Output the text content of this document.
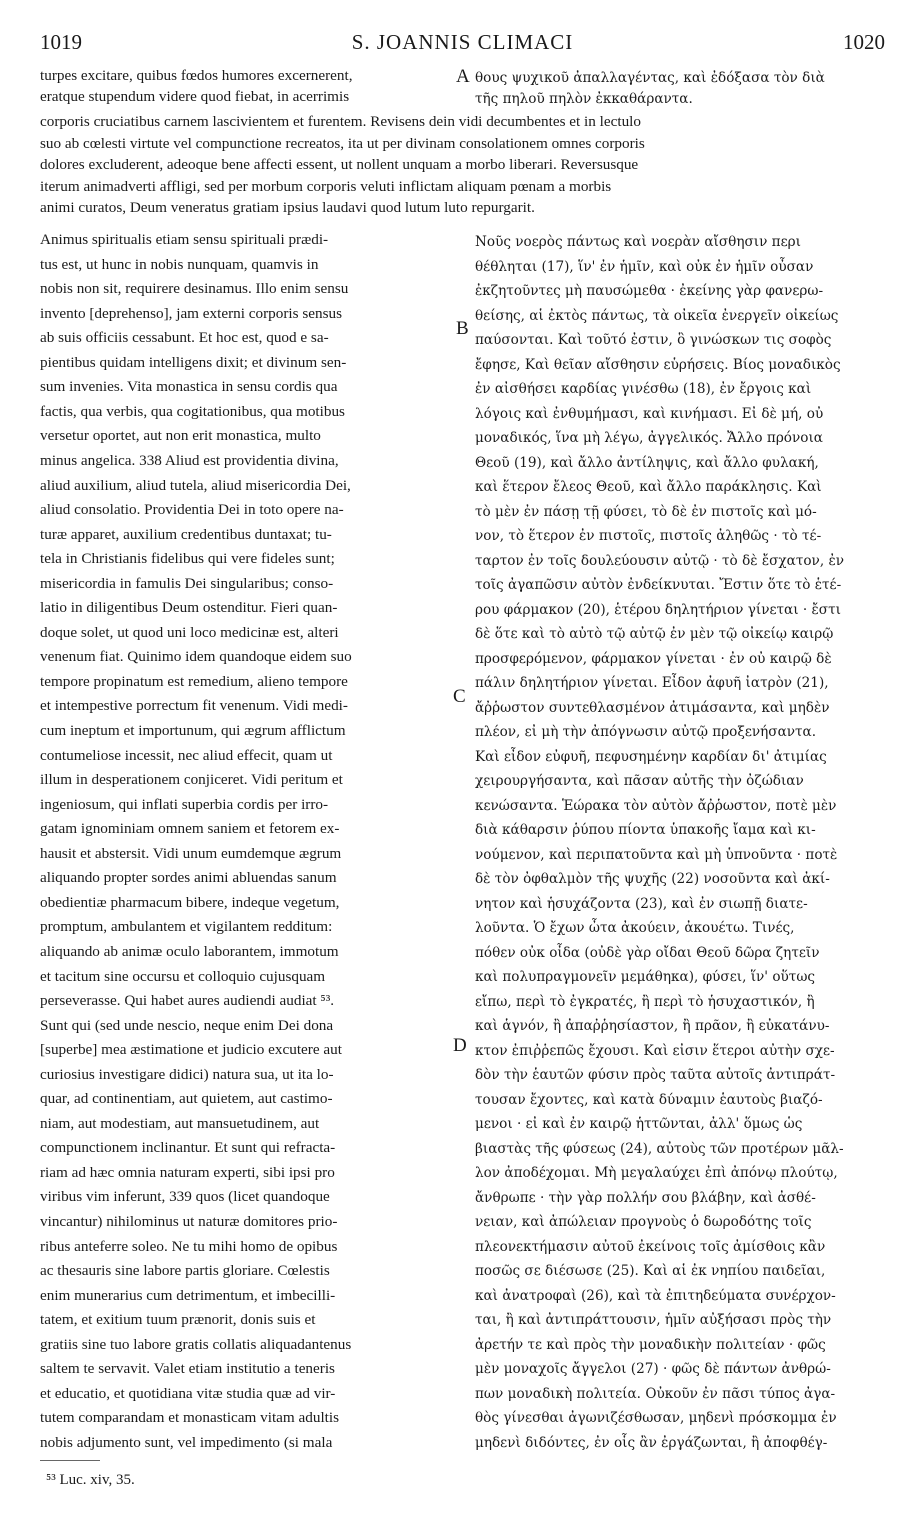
1019	S. JOANNIS CLIMACI	1020
turpes excitare, quibus fœdos humores excernerent,
eratque stupendum videre quod fiebat, in acerrimis
θους ψυχικοῦ ἀπαλλαγέντας, καὶ ἐδόξασα τὸν διὰ
τῆς πηλοῦ πηλὸν ἐκκαθάραντα.
corporis cruciatibus carnem lascivientem et furentem. Revisens dein vidi decumbentes et in lectulo
suo ab cœlesti virtute vel compunctione recreatos, ita ut per divinam consolationem omnes corporis
dolores excluderent, adeoque bene affecti essent, ut nollent unquam a morbo liberari. Reversusque
iterum animadverti affligi, sed per morbum corporis veluti inflictam aliquam pœnam a morbis
animi curatos, Deum veneratus gratiam ipsius laudavi quod lutum luto repurgarit.
Animus spiritualis etiam sensu spirituali prædi-
tus est, ut hunc in nobis nunquam, quamvis in
nobis non sit, requirere desinamus. Illo enim sensu
invento [deprehenso], jam externi corporis sensus
ab suis officiis cessabunt. Et hoc est, quod e sa-
pientibus quidam intelligens dixit; et divinum sen-
sum invenies. Vita monastica in sensu cordis qua
factis, qua verbis, qua cogitationibus, qua motibus
versetur oportet, aut non erit monastica, multo
minus angelica. 338 Aliud est providentia divina,
aliud auxilium, aliud tutela, aliud misericordia Dei,
aliud consolatio. Providentia Dei in toto opere na-
turæ apparet, auxilium credentibus duntaxat; tu-
tela in Christianis fidelibus qui vere fideles sunt;
misericordia in famulis Dei singularibus; conso-
latio in diligentibus Deum ostenditur. Fieri quan-
doque solet, ut quod uni loco medicinæ est, alteri
venenum fiat. Quinimo idem quandoque eidem suo
tempore propinatum est remedium, alieno tempore
et intempestive porrectum fit venenum. Vidi medi-
cum ineptum et importunum, qui ægrum afflictum
contumeliose incessit, nec aliud effecit, quam ut
illum in desperationem conjiceret. Vidi peritum et
ingeniosum, qui inflati superbia cordis per irro-
gatam ignominiam omnem saniem et fetorem ex-
hausit et abstersit. Vidi unum eumdemque ægrum
aliquando propter sordes animi abluendas sanum
obedientiæ pharmacum bibere, indeque vegetum,
promptum, ambulantem et vigilantem redditum:
aliquando ab animæ oculo laborantem, immotum
et tacitum sine occursu et colloquio cujusquam
perseverasse. Qui habet aures audiendi audiat ⁵³.
Sunt qui (sed unde nescio, neque enim Dei dona
[superbe] mea æstimatione et judicio excutere aut
curiosius investigare didici) natura sua, ut ita lo-
quar, ad continentiam, aut quietem, aut castimo-
niam, aut modestiam, aut mansuetudinem, aut
compunctionem inclinantur. Et sunt qui refracta-
riam ad hæc omnia naturam experti, sibi ipsi pro
viribus vim inferunt, 339 quos (licet quandoque
vincantur) nihilominus ut naturæ domitores prio-
ribus anteferre soleo. Ne tu mihi homo de opibus
ac thesauris sine labore partis gloriare. Cœlestis
enim munerarius cum detrimentum, et imbecilli-
tatem, et exitium tuum prænorit, donis suis et
gratiis sine tuo labore gratis collatis aliquadantenus
saltem te servavit. Valet etiam institutio a teneris
et educatio, et quotidiana vitæ studia quæ ad vir-
tutem comparandam et monasticam vitam adultis
nobis adjumento sunt, vel impedimento (si mala
Νοῦς νοερὸς πάντως καὶ νοερὰν αἴσθησιν περι
θέθληται (17), ἵν' ἐν ἡμῖν, καὶ οὐκ ἐν ἡμῖν οὖσαν
ἐκζητοῦντες μὴ παυσώμεθα · ἐκείνης γὰρ φανερω-
θείσης, αἱ ἐκτὸς πάντως, τὰ οἰκεῖα ἐνεργεῖν οἰκείως
παύσονται. Καὶ τοῦτό ἐστιν, ὃ γινώσκων τις σοφὸς
ἔφησε, Καὶ θεῖαν αἴσθησιν εὑρήσεις. Βίος μοναδικὸς
ἐν αἰσθήσει καρδίας γινέσθω (18), ἐν ἔργοις καὶ
λόγοις καὶ ἐνθυμήμασι, καὶ κινήμασι. Εἰ δὲ μή, οὐ
μοναδικός, ἵνα μὴ λέγω, ἀγγελικός. Ἄλλο πρόνοια
Θεοῦ (19), καὶ ἄλλο ἀντίληψις, καὶ ἄλλο φυλακή,
καὶ ἕτερον ἔλεος Θεοῦ, καὶ ἄλλο παράκλησις. Καὶ
τὸ μὲν ἐν πάσῃ τῇ φύσει, τὸ δὲ ἐν πιστοῖς καὶ μό-
νον, τὸ ἕτερον ἐν πιστοῖς, πιστοῖς ἀληθῶς · τὸ τέ-
ταρτον ἐν τοῖς δουλεύουσιν αὐτῷ · τὸ δὲ ἔσχατον, ἐν
τοῖς ἀγαπῶσιν αὐτὸν ἐνδείκνυται. Ἔστιν ὅτε τὸ ἑτέ-
ρου φάρμακον (20), ἑτέρου δηλητήριον γίνεται · ἔστι
δὲ ὅτε καὶ τὸ αὐτὸ τῷ αὐτῷ ἐν μὲν τῷ οἰκείῳ καιρῷ
προσφερόμενον, φάρμακον γίνεται · ἐν οὐ καιρῷ δὲ
πάλιν δηλητήριον γίνεται. Εἶδον ἀφυῆ ἰατρὸν (21),
ἄῤῥωστον συντεθλασμένον ἀτιμάσαντα, καὶ μηδὲν
πλέον, εἰ μὴ τὴν ἀπόγνωσιν αὐτῷ προξενήσαντα.
Καὶ εἶδον εὐφυῆ, πεφυσημένην καρδίαν δι' ἀτιμίας
χειρουργήσαντα, καὶ πᾶσαν αὐτῆς τὴν ὀζώδιαν
κενώσαντα. Ἑώρακα τὸν αὐτὸν ἄῤῥωστον, ποτὲ μὲν
διὰ κάθαρσιν ῥύπου πίοντα ὑπακοῆς ἴαμα καὶ κι-
νούμενον, καὶ περιπατοῦντα καὶ μὴ ὑπνοῦντα · ποτὲ
δὲ τὸν ὀφθαλμὸν τῆς ψυχῆς (22) νοσοῦντα καὶ ἀκί-
νητον καὶ ἡσυχάζοντα (23), καὶ ἐν σιωπῇ διατε-
λοῦντα. Ὁ ἔχων ὦτα ἀκούειν, ἀκουέτω. Τινές,
πόθεν οὐκ οἶδα (οὐδὲ γὰρ οἴδαι Θεοῦ δῶρα ζητεῖν
καὶ πολυπραγμονεῖν μεμάθηκα), φύσει, ἵν' οὕτως
εἴπω, περὶ τὸ ἐγκρατές, ἢ περὶ τὸ ἡσυχαστικόν, ἢ
καὶ ἁγνόν, ἢ ἀπαῤῥησίαστον, ἢ πρᾶον, ἢ εὐκατάνυ-
κτον ἐπιῤῥεπῶς ἔχουσι. Καὶ εἰσιν ἕτεροι αὐτὴν σχε-
δὸν τὴν ἑαυτῶν φύσιν πρὸς ταῦτα αὐτοῖς ἀντιπράτ-
τουσαν ἔχοντες, καὶ κατὰ δύναμιν ἑαυτοὺς βιαζό-
μενοι · εἰ καὶ ἐν καιρῷ ἡττῶνται, ἀλλ' ὅμως ὡς
βιαστὰς τῆς φύσεως (24), αὐτοὺς τῶν προτέρων μᾶλ-
λον ἀποδέχομαι. Μὴ μεγαλαύχει ἐπὶ ἀπόνῳ πλούτῳ,
ἄνθρωπε · τὴν γὰρ πολλήν σου βλάβην, καὶ ἀσθέ-
νειαν, καὶ ἀπώλειαν προγνοὺς ὁ δωροδότης τοῖς
πλεονεκτήμασιν αὐτοῦ ἐκείνοις τοῖς ἀμίσθοις κἂν
ποσῶς σε διέσωσε (25). Καὶ αἱ ἐκ νηπίου παιδεῖαι,
καὶ ἀνατροφαὶ (26), καὶ τὰ ἐπιτηδεύματα συνέρχον-
ται, ἢ καὶ ἀντιπράττουσιν, ἡμῖν αὐξήσασι πρὸς τὴν
ἀρετήν τε καὶ πρὸς τὴν μοναδικὴν πολιτείαν · φῶς
μὲν μοναχοῖς ἄγγελοι (27) · φῶς δὲ πάντων ἀνθρώ-
πων μοναδικὴ πολιτεία. Οὐκοῦν ἐν πᾶσι τύπος ἀγα-
θὸς γίνεσθαι ἀγωνιζέσθωσαν, μηδενὶ πρόσκομμα ἐν
μηδενὶ διδόντες, ἐν οἷς ἂν ἐργάζωνται, ἢ ἀποφθέγ-
A
B
C
D
⁵³ Luc. xiv, 35.
